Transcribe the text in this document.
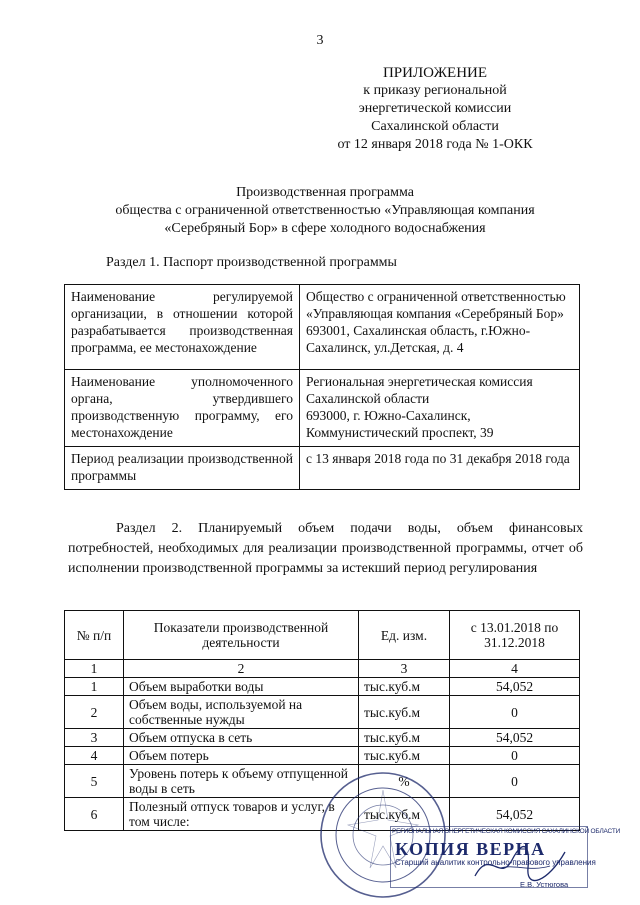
3
ПРИЛОЖЕНИЕ
к приказу региональной
энергетической комиссии
Сахалинской области
от 12 января 2018 года № 1-ОКК
Производственная программа
общества с ограниченной ответственностью «Управляющая компания
«Серебряный Бор» в сфере холодного водоснабжения
Раздел 1. Паспорт производственной программы
Наименование регулируемой организации, в отношении которой разрабатывается производственная программа, ее местонахождение	Общество с ограниченной ответственностью «Управляющая компания «Серебряный Бор»
693001, Сахалинская область, г.Южно-Сахалинск, ул.Детская, д. 4

Наименование уполномоченного органа, утвердившего производственную программу, его местонахождение	Региональная энергетическая комиссия Сахалинской области
693000, г. Южно-Сахалинск, Коммунистический проспект, 39

Период реализации производственной программы	с 13 января 2018 года по 31 декабря 2018 года
Раздел 2. Планируемый объем подачи воды, объем финансовых потребностей, необходимых для реализации производственной программы, отчет об исполнении производственной программы за истекший период регулирования
№ п/п	Показатели производственной деятельности	Ед. изм.	с 13.01.2018 по 31.12.2018
1	2	3	4
1	Объем выработки воды	тыс.куб.м	54,052
2	Объем воды, используемой на собственные нужды	тыс.куб.м	0
3	Объем отпуска в сеть	тыс.куб.м	54,052
4	Объем потерь	тыс.куб.м	0
5	Уровень потерь к объему отпущенной воды в сеть	%	0
6	Полезный отпуск товаров и услуг, в том числе:	тыс.куб.м	54,052
РЕГИОНАЛЬНАЯ ЭНЕРГЕТИЧЕСКАЯ КОМИССИЯ САХАЛИНСКОЙ ОБЛАСТИ
КОПИЯ ВЕРНА
Старший аналитик контрольно-правового управления
Е.В. Устюгова
